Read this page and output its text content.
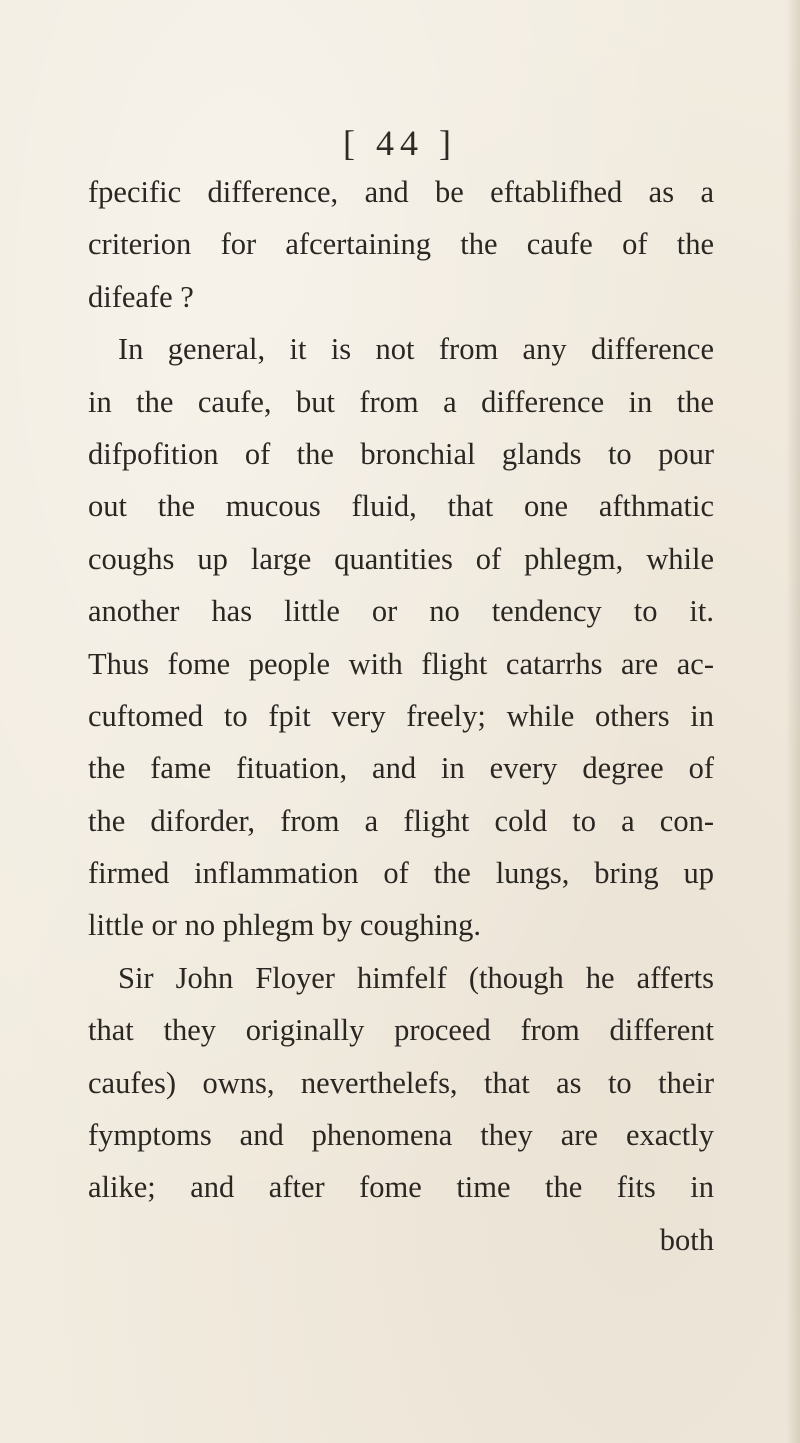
[ 44 ]
fpecific difference, and be eftablifhed as a
criterion for afcertaining the caufe of the
difeafe ?
In general, it is not from any difference
in the caufe, but from a difference in the
difpofition of the bronchial glands to pour
out the mucous fluid, that one afthmatic
coughs up large quantities of phlegm, while
another has little or no tendency to it.
Thus fome people with flight catarrhs are ac-
cuftomed to fpit very freely; while others in
the fame fituation, and in every degree of
the diforder, from a flight cold to a con-
firmed inflammation of the lungs, bring up
little or no phlegm by coughing.
Sir John Floyer himfelf (though he afferts
that they originally proceed from different
caufes) owns, neverthelefs, that as to their
fymptoms and phenomena they are exactly
alike; and after fome time the fits in
both
